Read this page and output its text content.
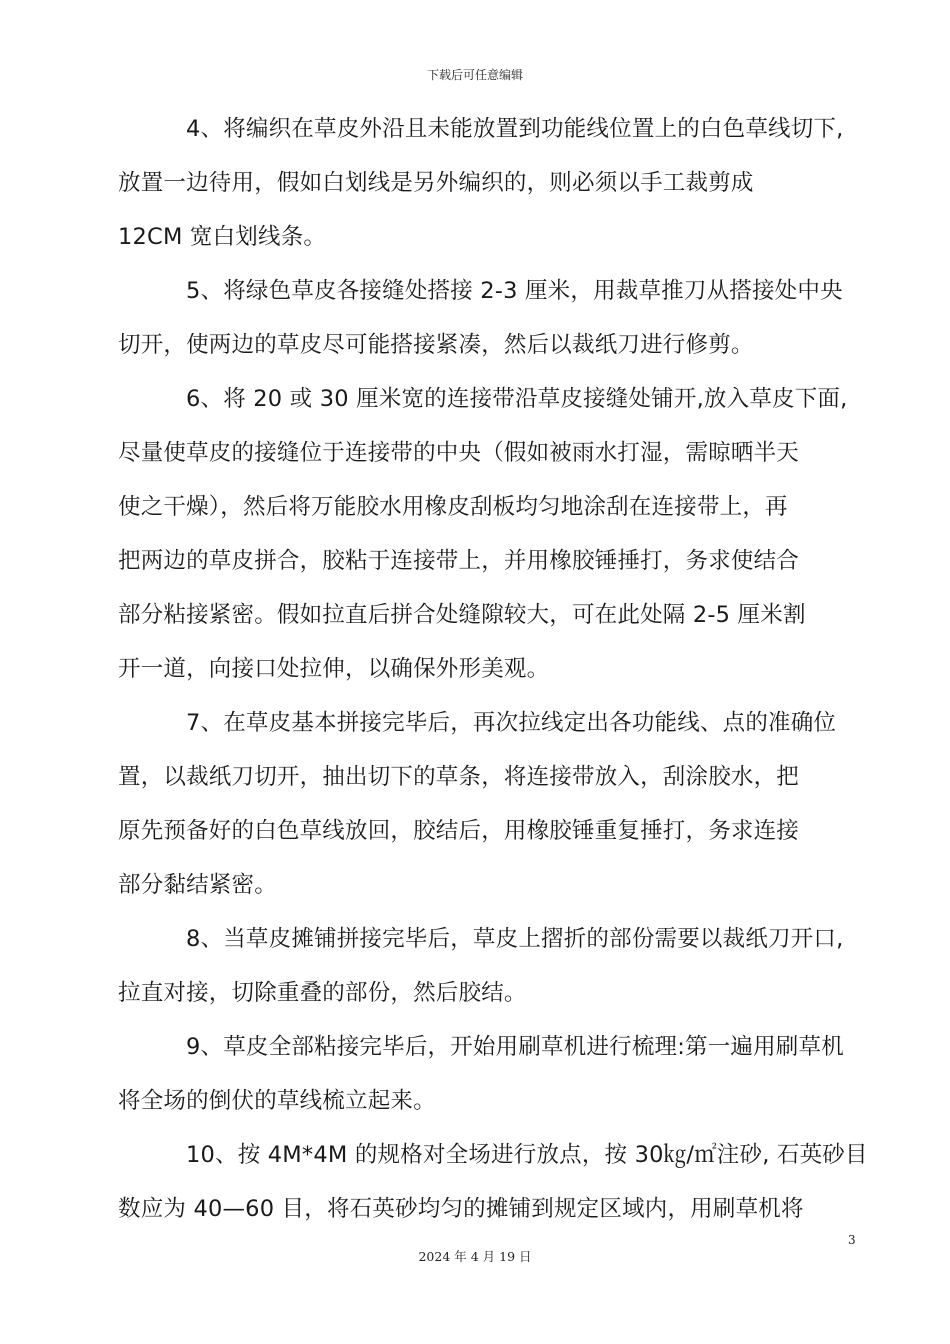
下载后可任意编辑

4、将编织在草皮外沿且未能放置到功能线位置上的白色草线切下,
放置一边待用，假如白划线是另外编织的，则必须以手工裁剪成
12CM 宽白划线条。

5、将绿色草皮各接缝处搭接 2-3 厘米，用裁草推刀从搭接处中央
切开，使两边的草皮尽可能搭接紧凑，然后以裁纸刀进行修剪。

6、将 20 或 30 厘米宽的连接带沿草皮接缝处铺开,放入草皮下面,
尽量使草皮的接缝位于连接带的中央（假如被雨水打湿，需晾晒半天
使之干燥），然后将万能胶水用橡皮刮板均匀地涂刮在连接带上，再
把两边的草皮拼合，胶粘于连接带上，并用橡胶锤捶打，务求使结合
部分粘接紧密。假如拉直后拼合处缝隙较大，可在此处隔 2-5 厘米割
开一道，向接口处拉伸，以确保外形美观。

7、在草皮基本拼接完毕后，再次拉线定出各功能线、点的准确位
置，以裁纸刀切开，抽出切下的草条，将连接带放入，刮涂胶水，把
原先预备好的白色草线放回，胶结后，用橡胶锤重复捶打，务求连接
部分黏结紧密。

8、当草皮摊铺拼接完毕后，草皮上摺折的部份需要以裁纸刀开口,
拉直对接，切除重叠的部份，然后胶结。

9、草皮全部粘接完毕后，开始用刷草机进行梳理:第一遍用刷草机
将全场的倒伏的草线梳立起来。

10、按 4M*4M 的规格对全场进行放点，按 30㎏/㎡注砂, 石英砂目
数应为 40—60 目，将石英砂均匀的摊铺到规定区域内，用刷草机将

3
2024 年 4 月 19 日
